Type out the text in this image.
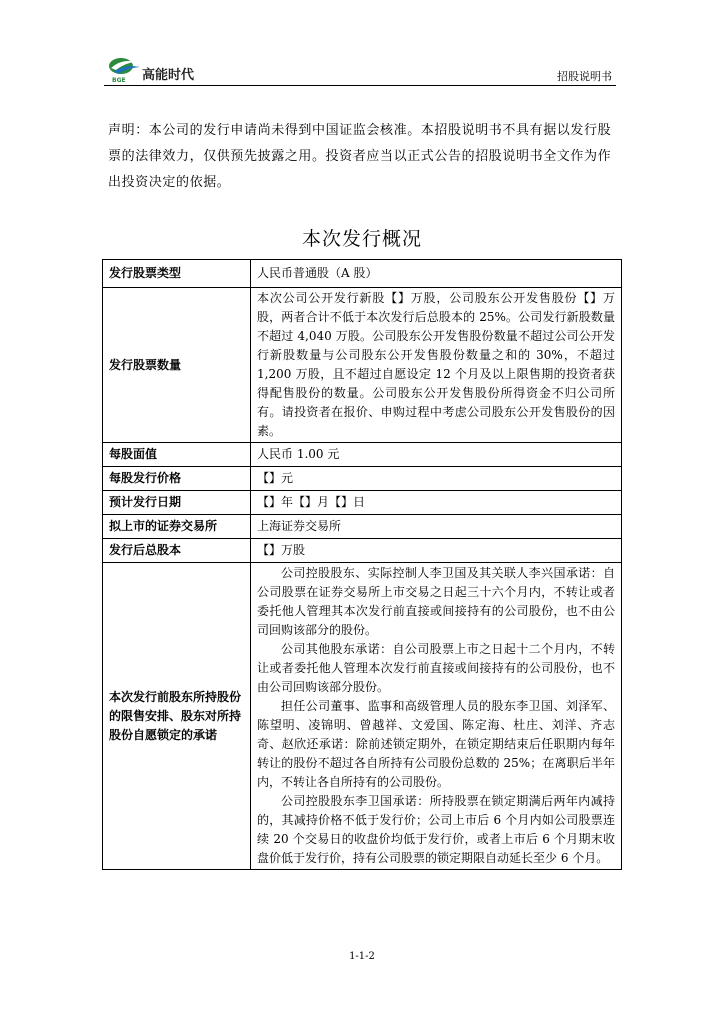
BGE 高能时代	招股说明书

声明：本公司的发行申请尚未得到中国证监会核准。本招股说明书不具有据以发行股票的法律效力，仅供预先披露之用。投资者应当以正式公告的招股说明书全文作为作出投资决定的依据。

本次发行概况
发行股票类型	人民币普通股（A 股）
发行股票数量	本次公司公开发行新股【】万股，公司股东公开发售股份【】万股，两者合计不低于本次发行后总股本的 25%。公司发行新股数量不超过 4,040 万股。公司股东公开发售股份数量不超过公司公开发行新股数量与公司股东公开发售股份数量之和的 30%，不超过 1,200 万股，且不超过自愿设定 12 个月及以上限售期的投资者获得配售股份的数量。公司股东公开发售股份所得资金不归公司所有。请投资者在报价、申购过程中考虑公司股东公开发售股份的因素。

每股面值	人民币 1.00 元
每股发行价格	【】元
预计发行日期	【】年【】月【】日
拟上市的证券交易所	上海证券交易所
发行后总股本	【】万股
本次发行前股东所持股份的限售安排、股东对所持股份自愿锁定的承诺	公司控股股东、实际控制人李卫国及其关联人李兴国承诺：自公司股票在证券交易所上市交易之日起三十六个月内，不转让或者委托他人管理其本次发行前直接或间接持有的公司股份，也不由公司回购该部分的股份。

公司其他股东承诺：自公司股票上市之日起十二个月内，不转让或者委托他人管理本次发行前直接或间接持有的公司股份，也不由公司回购该部分股份。

担任公司董事、监事和高级管理人员的股东李卫国、刘泽军、陈望明、凌锦明、曾越祥、文爱国、陈定海、杜庄、刘洋、齐志奇、赵欣还承诺：除前述锁定期外，在锁定期结束后任职期内每年转让的股份不超过各自所持有公司股份总数的 25%；在离职后半年内，不转让各自所持有的公司股份。

公司控股股东李卫国承诺：所持股票在锁定期满后两年内减持的，其减持价格不低于发行价；公司上市后 6 个月内如公司股票连续 20 个交易日的收盘价均低于发行价，或者上市后 6 个月期末收盘价低于发行价，持有公司股票的锁定期限自动延长至少 6 个月。

1-1-2
